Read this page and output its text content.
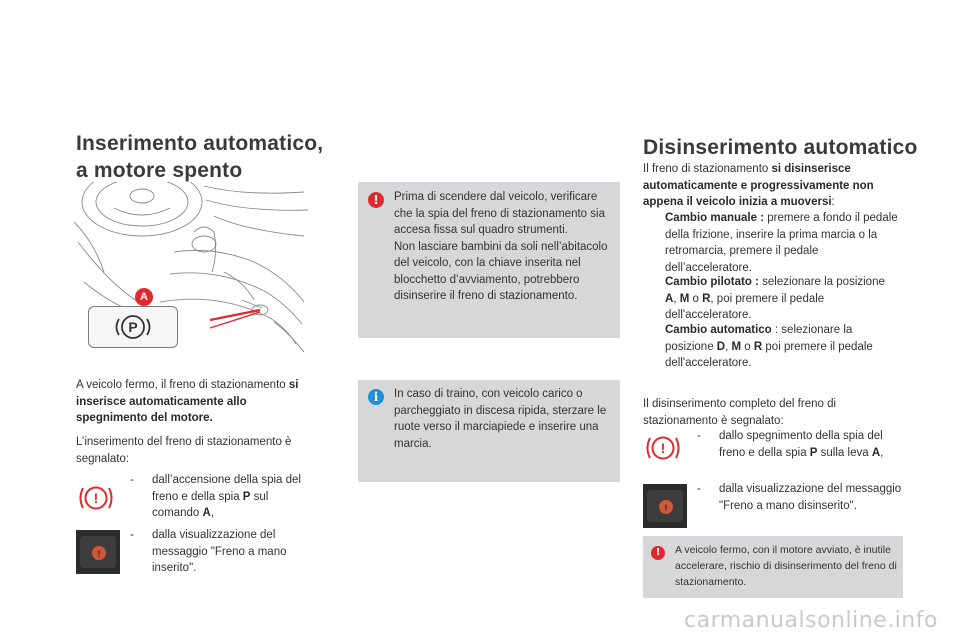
Inserimento automatico,
a motore spento
A
P
A veicolo fermo, il freno di stazionamento si inserisce automaticamente allo spegnimento del motore.
L’inserimento del freno di stazionamento è segnalato:
!
-	dall’accensione della spia del freno e della spia P sul comando A,
!
-	dalla visualizzazione del messaggio "Freno a mano inserito".
!	Prima di scendere dal veicolo, verificare che la spia del freno di stazionamento sia accesa fissa sul quadro strumenti.
Non lasciare bambini da soli nell’abitacolo del veicolo, con la chiave inserita nel blocchetto d’avviamento, potrebbero disinserire il freno di stazionamento.
i	In caso di traino, con veicolo carico o parcheggiato in discesa ripida, sterzare le ruote verso il marciapiede e inserire una marcia.
Disinserimento automatico
Il freno di stazionamento si disinserisce automaticamente e progressivamente non appena il veicolo inizia a muoversi:
Cambio manuale : premere a fondo il pedale della frizione, inserire la prima marcia o la retromarcia, premere il pedale dell’acceleratore.
Cambio pilotato : selezionare la posizione A, M o R, poi premere il pedale dell'acceleratore.
Cambio automatico : selezionare la posizione D, M o R poi premere il pedale dell'acceleratore.
Il disinserimento completo del freno di stazionamento è segnalato:
!
-	dallo spegnimento della spia del freno e della spia P sulla leva A,
!
-	dalla visualizzazione del messaggio "Freno a mano disinserito".
!	A veicolo fermo, con il motore avviato, è inutile accelerare, rischio di disinserimento del freno di stazionamento.
carmanualsonline.info
